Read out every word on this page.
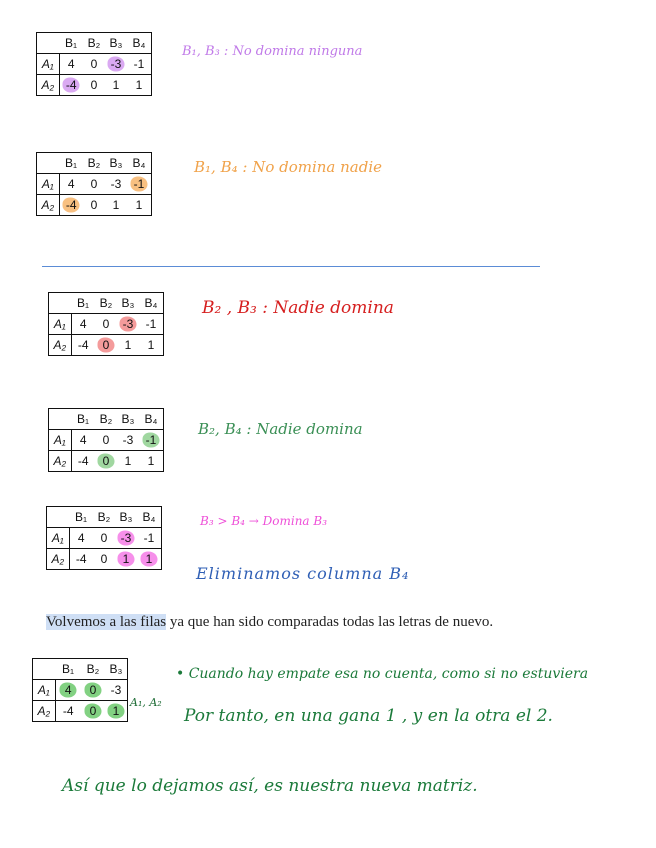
	B₁	B₂	B₃	B₄
A₁	4	0	-3	-1
A₂	-4	0	1	1
B₁, B₃ : No domina ninguna
	B₁	B₂	B₃	B₄
A₁	4	0	-3	-1
A₂	-4	0	1	1
B₁, B₄ : No domina nadie
	B₁	B₂	B₃	B₄
A₁	4	0	-3	-1
A₂	-4	0	1	1
B₂ , B₃ : Nadie domina
	B₁	B₂	B₃	B₄
A₁	4	0	-3	-1
A₂	-4	0	1	1
B₂, B₄ : Nadie domina
	B₁	B₂	B₃	B₄
A₁	4	0	-3	-1
A₂	-4	0	1	1
B₃ > B₄ → Domina B₃
Eliminamos columna B₄
Volvemos a las filas ya que han sido comparadas todas las letras de nuevo.
	B₁	B₂	B₃
A₁	4	0	-3
A₂	-4	0	1
A₁, A₂
• Cuando hay empate esa no cuenta, como si no estuviera
Por tanto, en una gana 1 , y en la otra el 2.
Así que lo dejamos así, es nuestra nueva matriz.
